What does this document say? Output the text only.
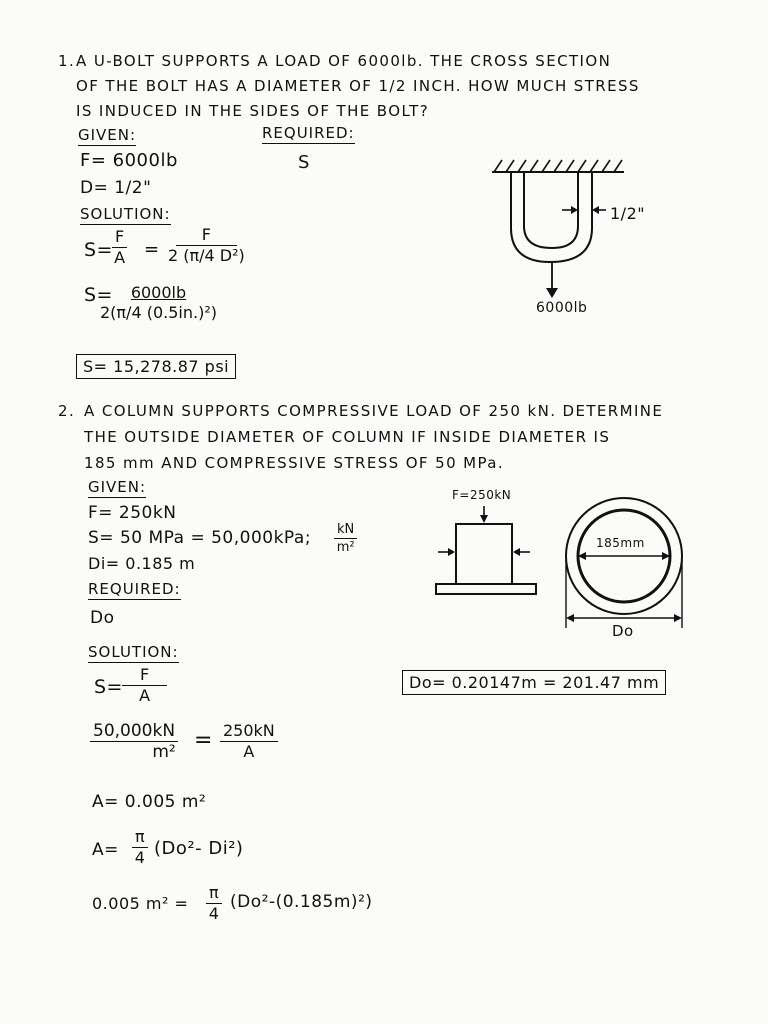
1. A U-BOLT SUPPORTS A LOAD OF 6000lb. THE CROSS SECTION
OF THE BOLT HAS A DIAMETER OF 1/2 INCH. HOW MUCH STRESS
IS INDUCED IN THE SIDES OF THE BOLT?
GIVEN:	REQUIRED:
S
F= 6000lb
D= 1/2"
SOLUTION:
$S= \frac{F}{A} = \frac{F}{\text{2 (π/4 D²)}}$
S=
$\frac{6000lb}{\text{2(π/4 (0.5in.)²)}}$
S= 15,278.87 psi
1/2"
6000lb
2. A COLUMN SUPPORTS COMPRESSIVE LOAD OF 250 kN. DETERMINE
THE OUTSIDE DIAMETER OF COLUMN IF INSIDE DIAMETER IS
185 mm AND COMPRESSIVE STRESS OF 50 MPa.
GIVEN:
F= 250kN
S= 50 MPa = 50,000kPa; $\frac{kN}{\text{m²}}$
Di= 0.185 m
REQUIRED:
Do
SOLUTION:
$S= \frac{F}{A}$
$\frac{50,000kN}{\text{m²}} = \frac{250kN}{A}$
A= 0.005 m²
$A= \frac{\pi}{4} (Do^2-$ Di²)
0.005 $m^2 = \frac{\pi}{4} (Do^2-(0.185m)^2)$
Do= 0.20147m = 201.47 mm
F=250kN
185mm
Do
